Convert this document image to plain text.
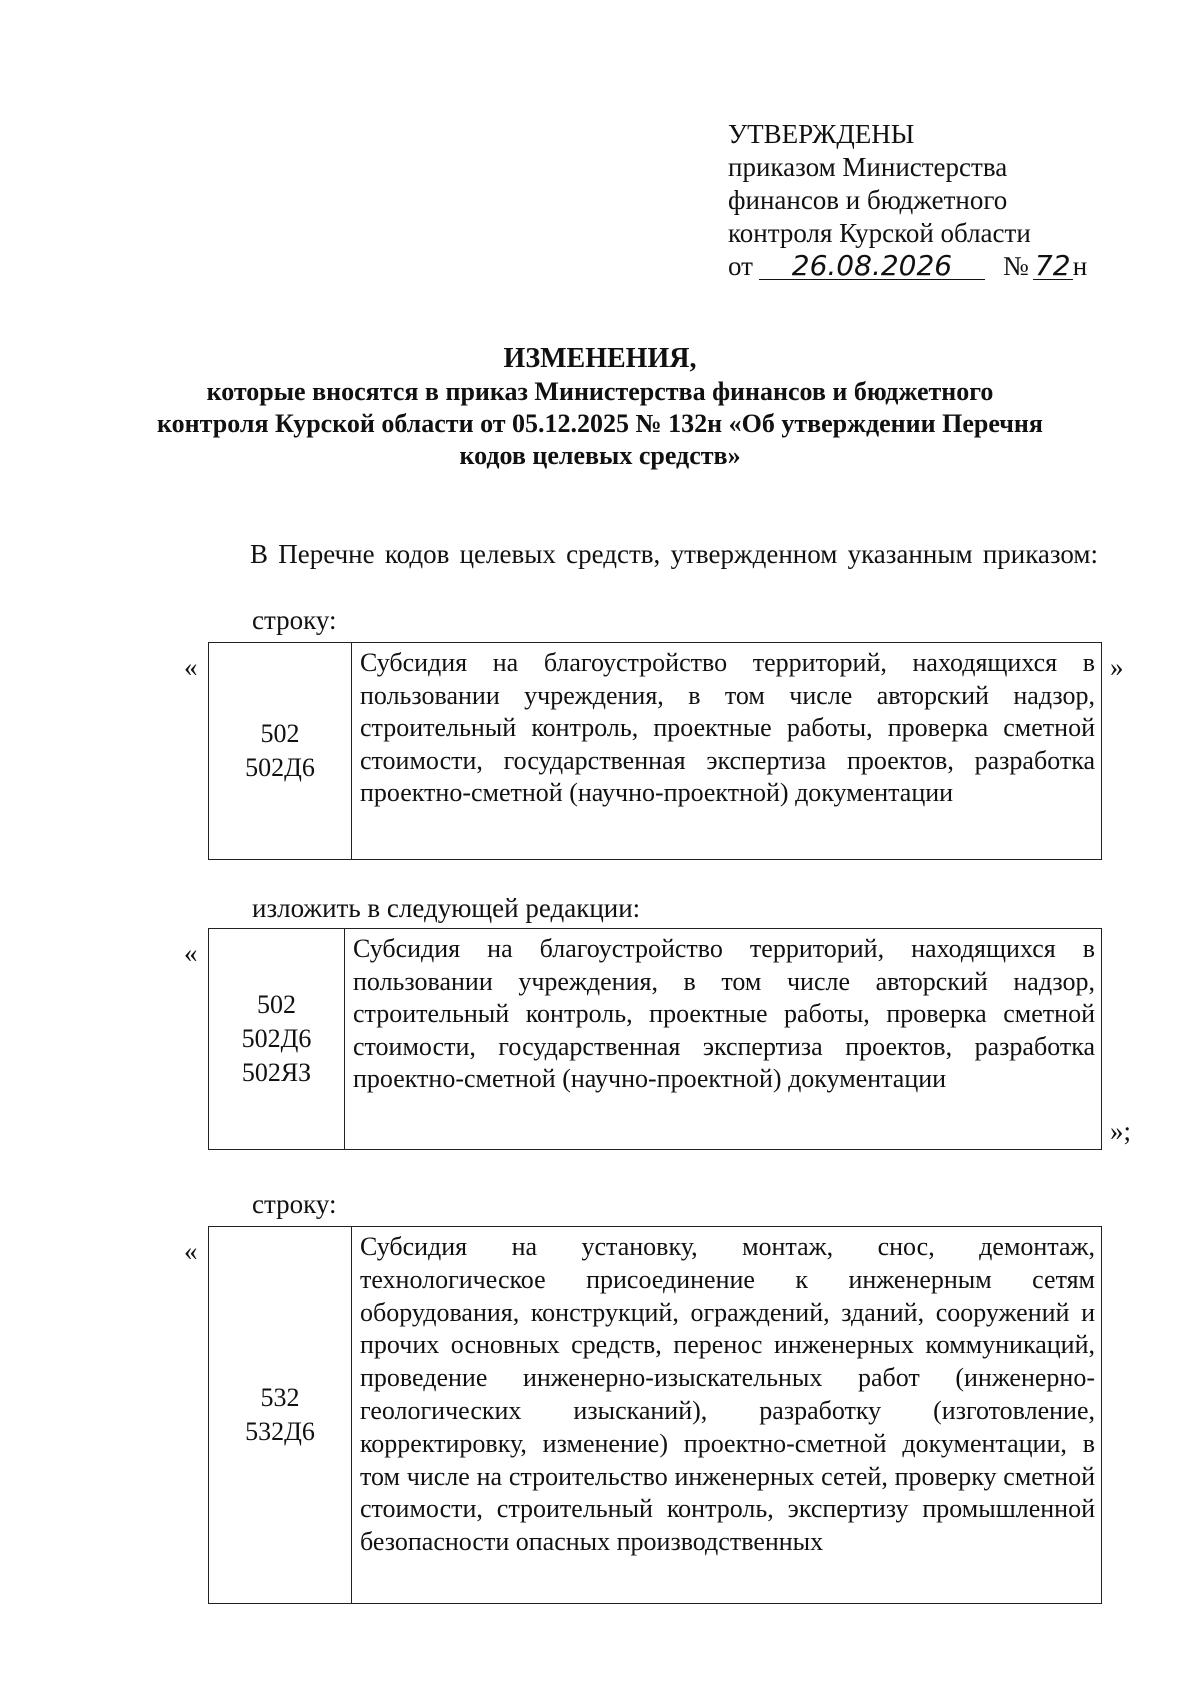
УТВЕРЖДЕНЫ
приказом Министерства
финансов и бюджетного
контроля Курской области
от 26.08.2026 № 72н
ИЗМЕНЕНИЯ,
которые вносятся в приказ Министерства финансов и бюджетного контроля Курской области от 05.12.2025 № 132н «Об утверждении Перечня кодов целевых средств»
В Перечне кодов целевых средств, утвержденном указанным приказом:
строку:
«
502
502Д6
Субсидия на благоустройство территорий, находящихся в пользовании учреждения, в том числе авторский надзор, строительный контроль, проектные работы, проверка сметной стоимости, государственная экспертиза проектов, разработка проектно-сметной (научно-проектной) документации
»
изложить в следующей редакции:
«
502
502Д6
502ЯЗ
Субсидия на благоустройство территорий, находящихся в пользовании учреждения, в том числе авторский надзор, строительный контроль, проектные работы, проверка сметной стоимости, государственная экспертиза проектов, разработка проектно-сметной (научно-проектной) документации
»;
строку:
«
532
532Д6
Субсидия на установку, монтаж, снос, демонтаж, технологическое присоединение к инженерным сетям оборудования, конструкций, ограждений, зданий, сооружений и прочих основных средств, перенос инженерных коммуникаций, проведение инженерно-изыскательных работ (инженерно-геологических изысканий), разработку (изготовление, корректировку, изменение) проектно-сметной документации, в том числе на строительство инженерных сетей, проверку сметной стоимости, строительный контроль, экспертизу промышленной безопасности опасных производственных
